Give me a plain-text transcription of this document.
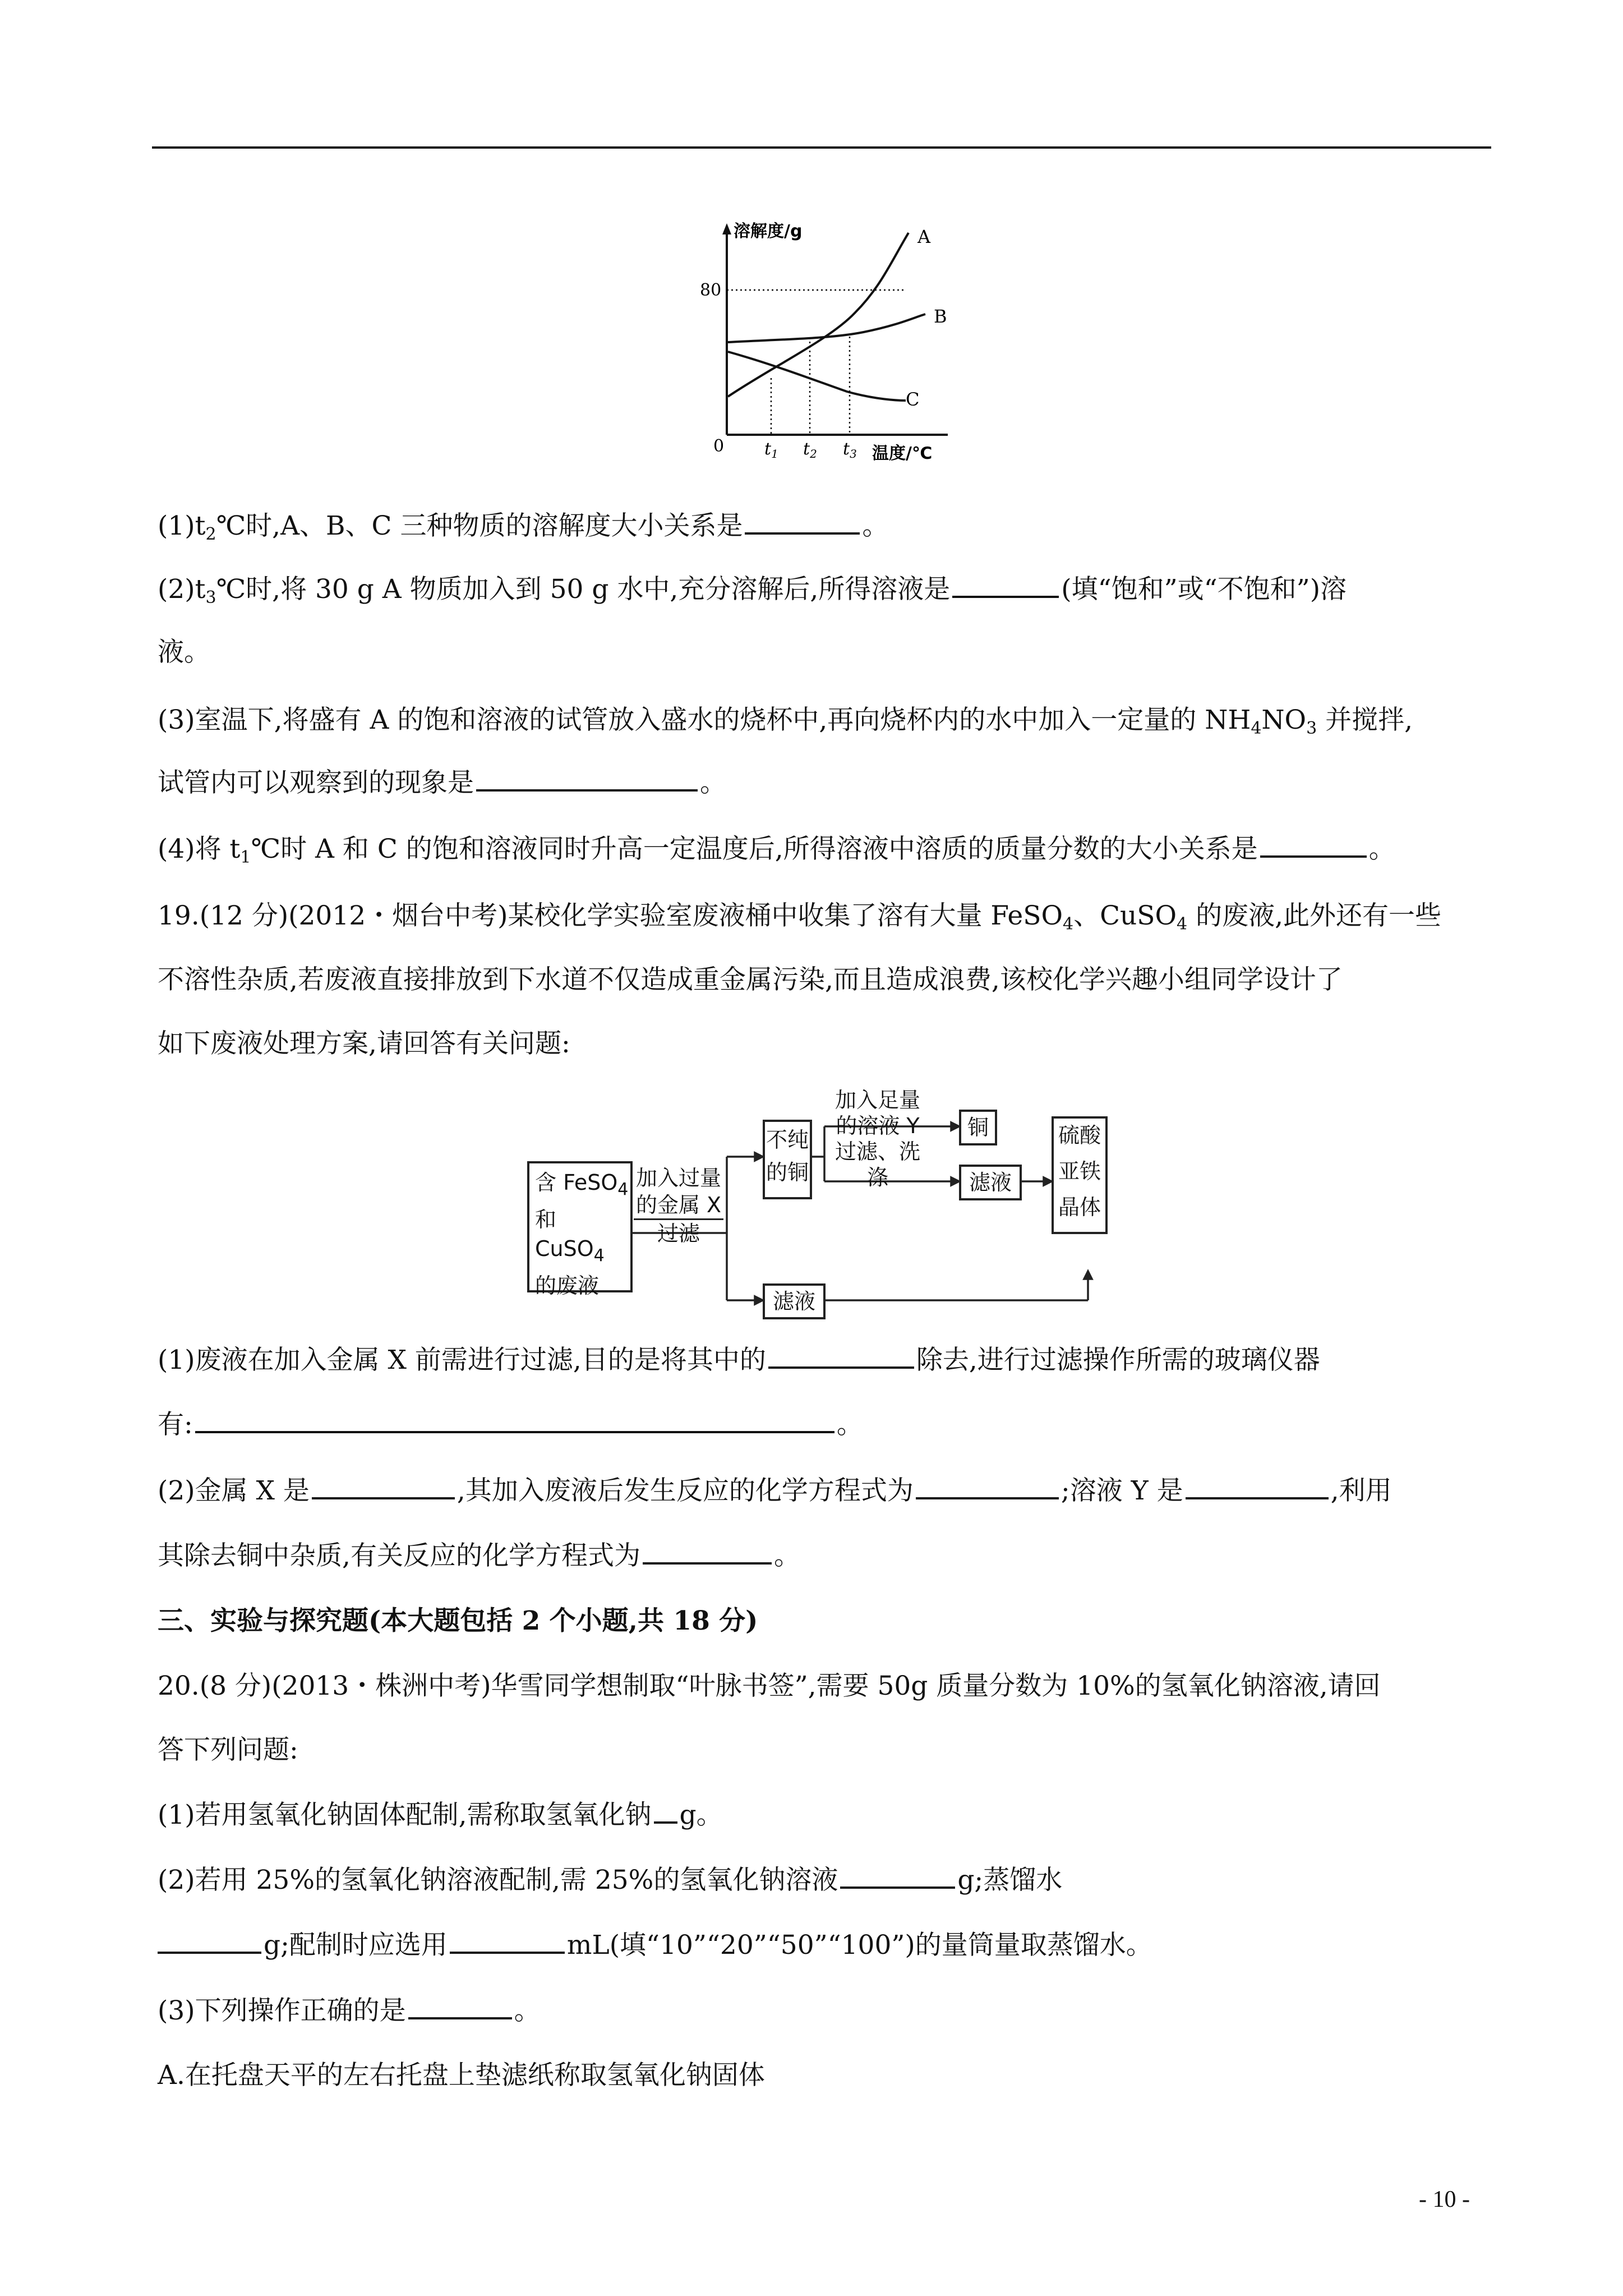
溶解度/g
温度/℃
0
80
$t_1$ $t_2$ $t_3$
A
B
C
$(1)t_2℃$时,A、B、C 三种物质的溶解度大小关系是	。
$(2)t_3℃$时,将 30 g A 物质加入到 50 g 水中,充分溶解后,所得溶液是	(填“饱和”或“不饱和”)溶
液。
(3)室温下,将盛有 A 的饱和溶液的试管放入盛水的烧杯中,再向烧杯内的水中加入一定量的 $NH_4NO_3$ 并搅拌,
试管内可以观察到的现象是	。
(4)将 $t_1℃$时 A 和 C 的饱和溶液同时升高一定温度后,所得溶液中溶质的质量分数的大小关系是	。
19.(12 分)(2012・烟台中考)某校化学实验室废液桶中收集了溶有大量 FeSO$_4$、CuSO$_4$ 的废液,此外还有一些
不溶性杂质,若废液直接排放到下水道不仅造成重金属污染,而且造成浪费,该校化学兴趣小组同学设计了
如下废液处理方案,请回答有关问题:
含 FeSO$_4$
和 CuSO$_4$
的废液
加入过量
的金属 X
过滤
不纯
的铜
加入足量
的溶液 Y
过滤、洗涤
铜
滤液
硫酸
亚铁
晶体
滤液
(1)废液在加入金属 X 前需进行过滤,目的是将其中的	除去,进行过滤操作所需的玻璃仪器
有:	。
(2)金属 X 是	,其加入废液后发生反应的化学方程式为	;溶液 Y 是	,利用
其除去铜中杂质,有关反应的化学方程式为	。
三、实验与探究题(本大题包括 2 个小题,共 18 分)
20.(8 分)(2013・株洲中考)华雪同学想制取“叶脉书签”,需要 50g 质量分数为 10%的氢氧化钠溶液,请回
答下列问题:
(1)若用氢氧化钠固体配制,需称取氢氧化钠 g。
(2)若用 25%的氢氧化钠溶液配制,需 25%的氢氧化钠溶液	g;蒸馏水
g;配制时应选用	mL(填“10”“20”“50”“100”)的量筒量取蒸馏水。
(3)下列操作正确的是	。
A.在托盘天平的左右托盘上垫滤纸称取氢氧化钠固体
- 10 -
